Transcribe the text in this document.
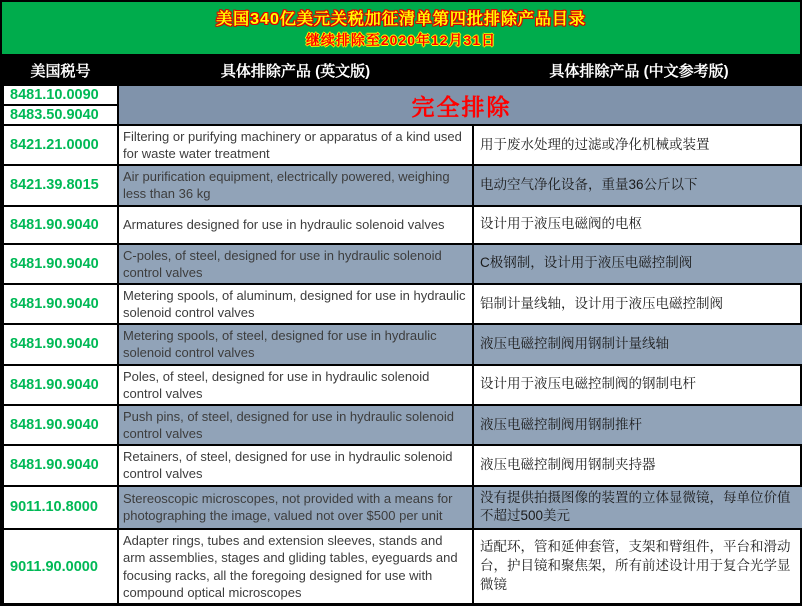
美国340亿美元关税加征清单第四批排除产品目录
继续排除至2020年12月31日
美国税号	具体排除产品 (英文版)	具体排除产品 (中文参考版)
8481.10.0090	完全排除	
8483.50.9040		
8421.21.0000	Filtering or purifying machinery or apparatus of a kind used for waste water treatment	用于废水处理的过滤或净化机械或装置
8421.39.8015	Air purification equipment, electrically powered, weighing less than 36 kg	电动空气净化设备，重量36公斤以下
8481.90.9040	Armatures designed for use in hydraulic solenoid valves	设计用于液压电磁阀的电枢
8481.90.9040	C-poles, of steel, designed for use in hydraulic solenoid control valves	C极钢制，设计用于液压电磁控制阀
8481.90.9040	Metering spools, of aluminum, designed for use in hydraulic solenoid control valves	铝制计量线轴，设计用于液压电磁控制阀
8481.90.9040	Metering spools, of steel, designed for use in hydraulic solenoid control valves	液压电磁控制阀用钢制计量线轴
8481.90.9040	Poles, of steel, designed for use in hydraulic solenoid control valves	设计用于液压电磁控制阀的钢制电杆
8481.90.9040	Push pins, of steel, designed for use in hydraulic solenoid control valves	液压电磁控制阀用钢制推杆
8481.90.9040	Retainers, of steel, designed for use in hydraulic solenoid control valves	液压电磁控制阀用钢制夹持器
9011.10.8000	Stereoscopic microscopes, not provided with a means for photographing the image, valued not over $500 per unit	没有提供拍摄图像的装置的立体显微镜，每单位价值不超过500美元
9011.90.0000	Adapter rings, tubes and extension sleeves, stands and arm assemblies, stages and gliding tables, eyeguards and focusing racks, all the foregoing designed for use with compound optical microscopes	适配环，管和延伸套管，支架和臂组件，平台和滑动台，护目镜和聚焦架，所有前述设计用于复合光学显微镜
